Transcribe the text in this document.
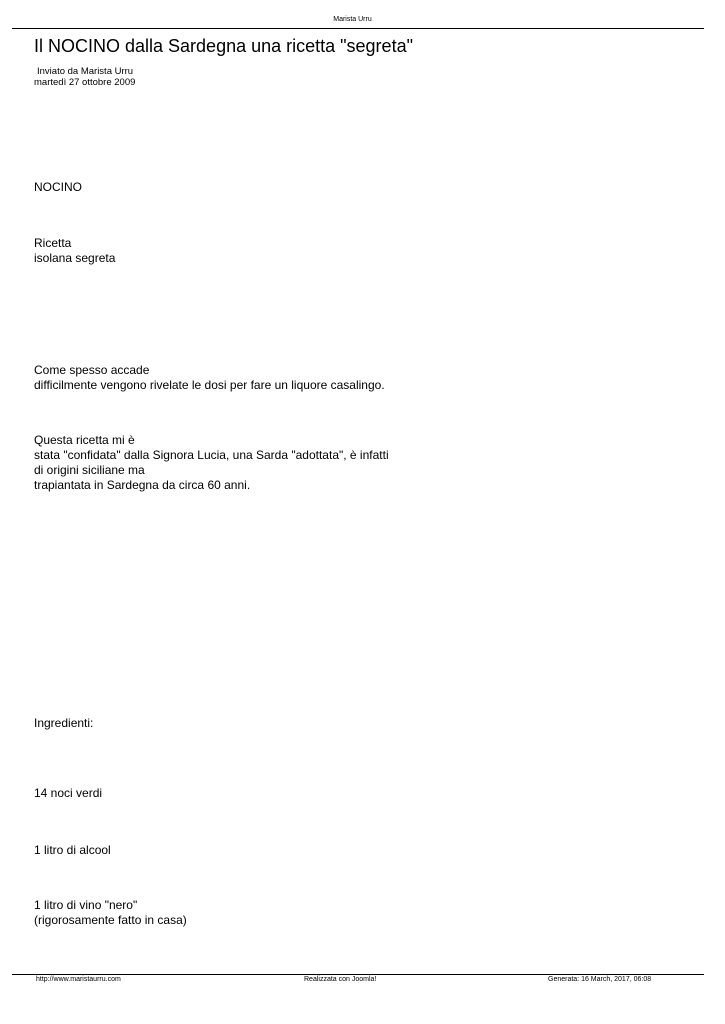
Marista Urru
Il NOCINO dalla Sardegna una ricetta "segreta"
Inviato da Marista Urru
martedì 27 ottobre 2009
NOCINO
Ricetta
isolana segreta
Come spesso accade
difficilmente vengono rivelate le dosi per fare un liquore casalingo.
Questa ricetta mi è
stata "confidata" dalla Signora Lucia, una Sarda "adottata", è infatti
di origini siciliane ma
trapiantata in Sardegna da circa 60 anni.
Ingredienti:
14 noci verdi
1 litro di alcool
1 litro di vino "nero"
(rigorosamente fatto in casa)
http://www.maristaurru.com	Realizzata con Joomla!	Generata: 16 March, 2017, 06:08
